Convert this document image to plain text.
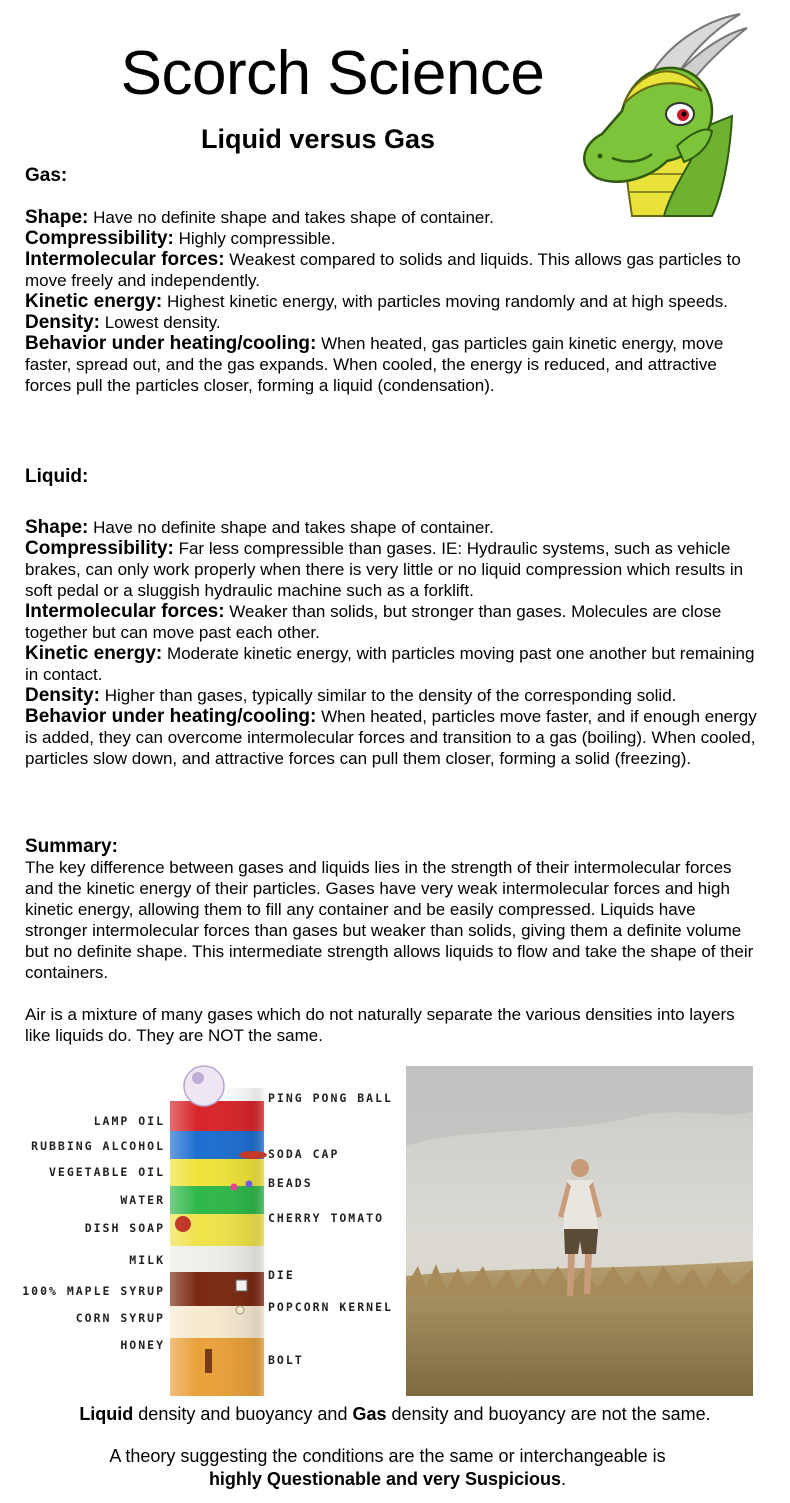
Scorch Science
Liquid versus Gas
Gas:

Shape: Have no definite shape and takes shape of container.

Compressibility: Highly compressible.

Intermolecular forces: Weakest compared to solids and liquids. This allows gas particles to move freely and independently.

Kinetic energy: Highest kinetic energy, with particles moving randomly and at high speeds.

Density: Lowest density.

Behavior under heating/cooling: When heated, gas particles gain kinetic energy, move faster, spread out, and the gas expands. When cooled, the energy is reduced, and attractive forces pull the particles closer, forming a liquid (condensation).

Liquid:

Shape: Have no definite shape and takes shape of container.

Compressibility: Far less compressible than gases. IE: Hydraulic systems, such as vehicle brakes, can only work properly when there is very little or no liquid compression which results in soft pedal or a sluggish hydraulic machine such as a forklift.

Intermolecular forces: Weaker than solids, but stronger than gases. Molecules are close together but can move past each other.

Kinetic energy: Moderate kinetic energy, with particles moving past one another but remaining in contact.

Density: Higher than gases, typically similar to the density of the corresponding solid.

Behavior under heating/cooling: When heated, particles move faster, and if enough energy is added, they can overcome intermolecular forces and transition to a gas (boiling). When cooled, particles slow down, and attractive forces can pull them closer, forming a solid (freezing).

Summary:
The key difference between gases and liquids lies in the strength of their intermolecular forces and the kinetic energy of their particles. Gases have very weak intermolecular forces and high kinetic energy, allowing them to fill any container and be easily compressed. Liquids have stronger intermolecular forces than gases but weaker than solids, giving them a definite volume but no definite shape. This intermediate strength allows liquids to flow and take the shape of their containers.
Air is a mixture of many gases which do not naturally separate the various densities into layers like liquids do. They are NOT the same.
LAMP OIL
RUBBING ALCOHOL
VEGETABLE OIL
WATER
DISH SOAP
MILK
100% MAPLE SYRUP
CORN SYRUP
HONEY
PING PONG BALL
SODA CAP
BEADS
CHERRY TOMATO
DIE
POPCORN KERNEL
BOLT
Liquid density and buoyancy and Gas density and buoyancy are not the same.
A theory suggesting the conditions are the same or interchangeable is
highly Questionable and very Suspicious.
